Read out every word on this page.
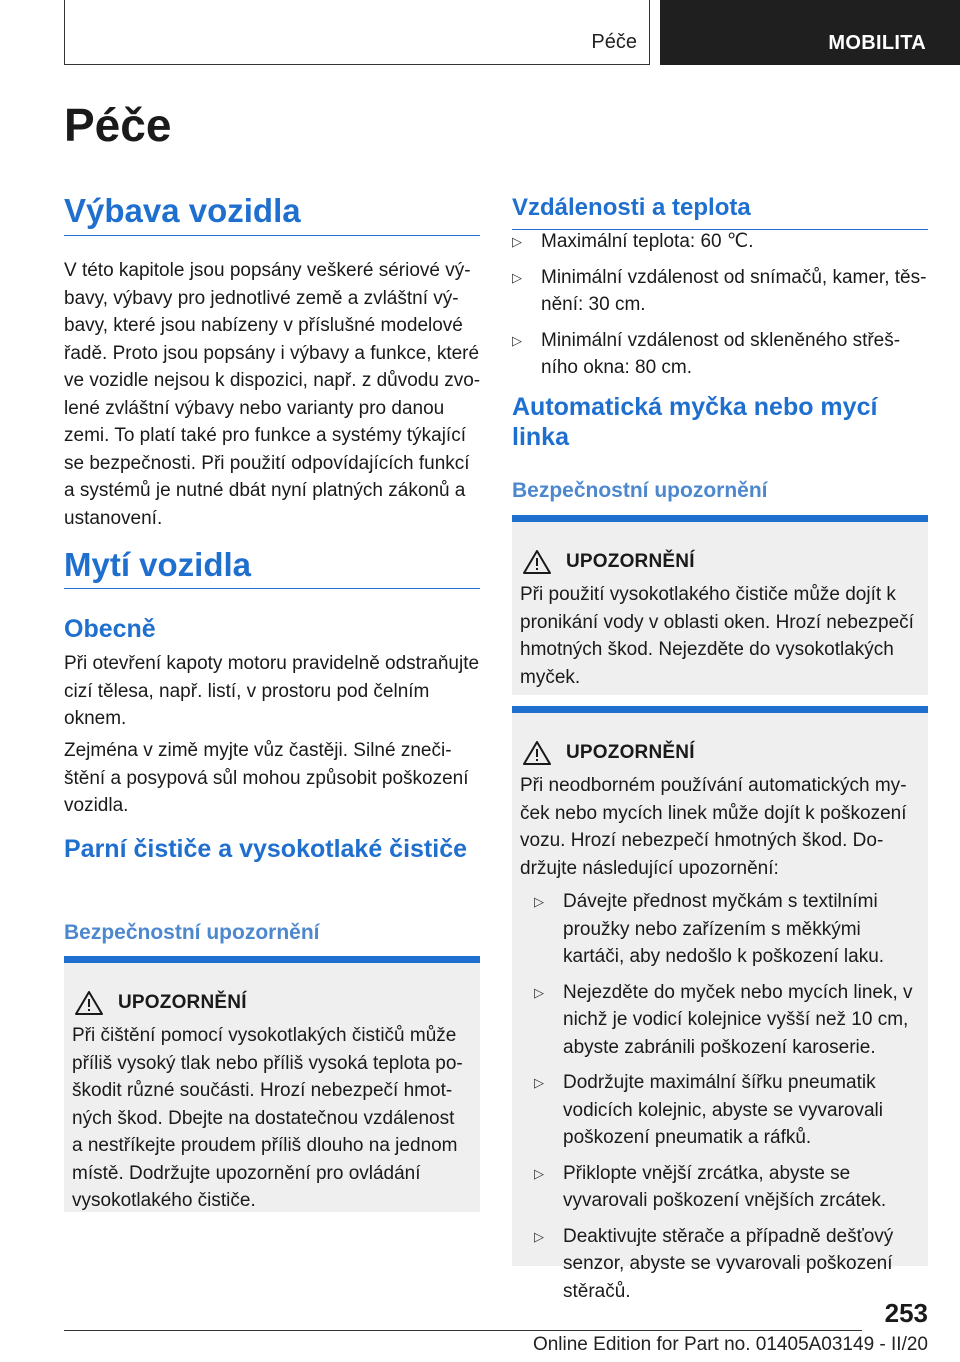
Péče	MOBILITA
Péče
Výbava vozidla
V této kapitole jsou popsány veškeré sériové výbavy, výbavy pro jednotlivé země a zvláštní výbavy, které jsou nabízeny v příslušné modelové řadě. Proto jsou popsány i výbavy a funkce, které ve vozidle nejsou k dispozici, např. z důvodu zvolené zvláštní výbavy nebo varianty pro danou zemi. To platí také pro funkce a systémy týkající se bezpečnosti. Při použití odpovídajících funkcí a systémů je nutné dbát nyní platných zákonů a ustanovení.
Mytí vozidla
Obecně
Při otevření kapoty motoru pravidelně odstraňujte cizí tělesa, např. listí, v prostoru pod čelním oknem.
Zejména v zimě myjte vůz častěji. Silné znečištění a posypová sůl mohou způsobit poškození vozidla.
Parní čističe a vysokotlaké čističe
Bezpečnostní upozornění
UPOZORNĚNÍ
Při čištění pomocí vysokotlakých čističů může příliš vysoký tlak nebo příliš vysoká teplota poškodit různé součásti. Hrozí nebezpečí hmotných škod. Dbejte na dostatečnou vzdálenost a nestříkejte proudem příliš dlouho na jednom místě. Dodržujte upozornění pro ovládání vysokotlakého čističe.
Vzdálenosti a teplota
▷ Maximální teplota: 60 ℃.
▷ Minimální vzdálenost od snímačů, kamer, těsnění: 30 cm.
▷ Minimální vzdálenost od skleněného střešního okna: 80 cm.
Automatická myčka nebo mycí linka
Bezpečnostní upozornění
UPOZORNĚNÍ
Při použití vysokotlakého čističe může dojít k pronikání vody v oblasti oken. Hrozí nebezpečí hmotných škod. Nejezděte do vysokotlakých myček.
UPOZORNĚNÍ
Při neodborném používání automatických myček nebo mycích linek může dojít k poškození vozu. Hrozí nebezpečí hmotných škod. Dodržujte následující upozornění:
▷ Dávejte přednost myčkám s textilními proužky nebo zařízením s měkkými kartáči, aby nedošlo k poškození laku.
▷ Nejezděte do myček nebo mycích linek, v nichž je vodicí kolejnice vyšší než 10 cm, abyste zabránili poškození karoserie.
▷ Dodržujte maximální šířku pneumatik vodicích kolejnic, abyste se vyvarovali poškození pneumatik a ráfků.
▷ Přiklopte vnější zrcátka, abyste se vyvarovali poškození vnějších zrcátek.
▷ Deaktivujte stěrače a případně dešťový senzor, abyste se vyvarovali poškození stěračů.
253
Online Edition for Part no. 01405A03149 - II/20
